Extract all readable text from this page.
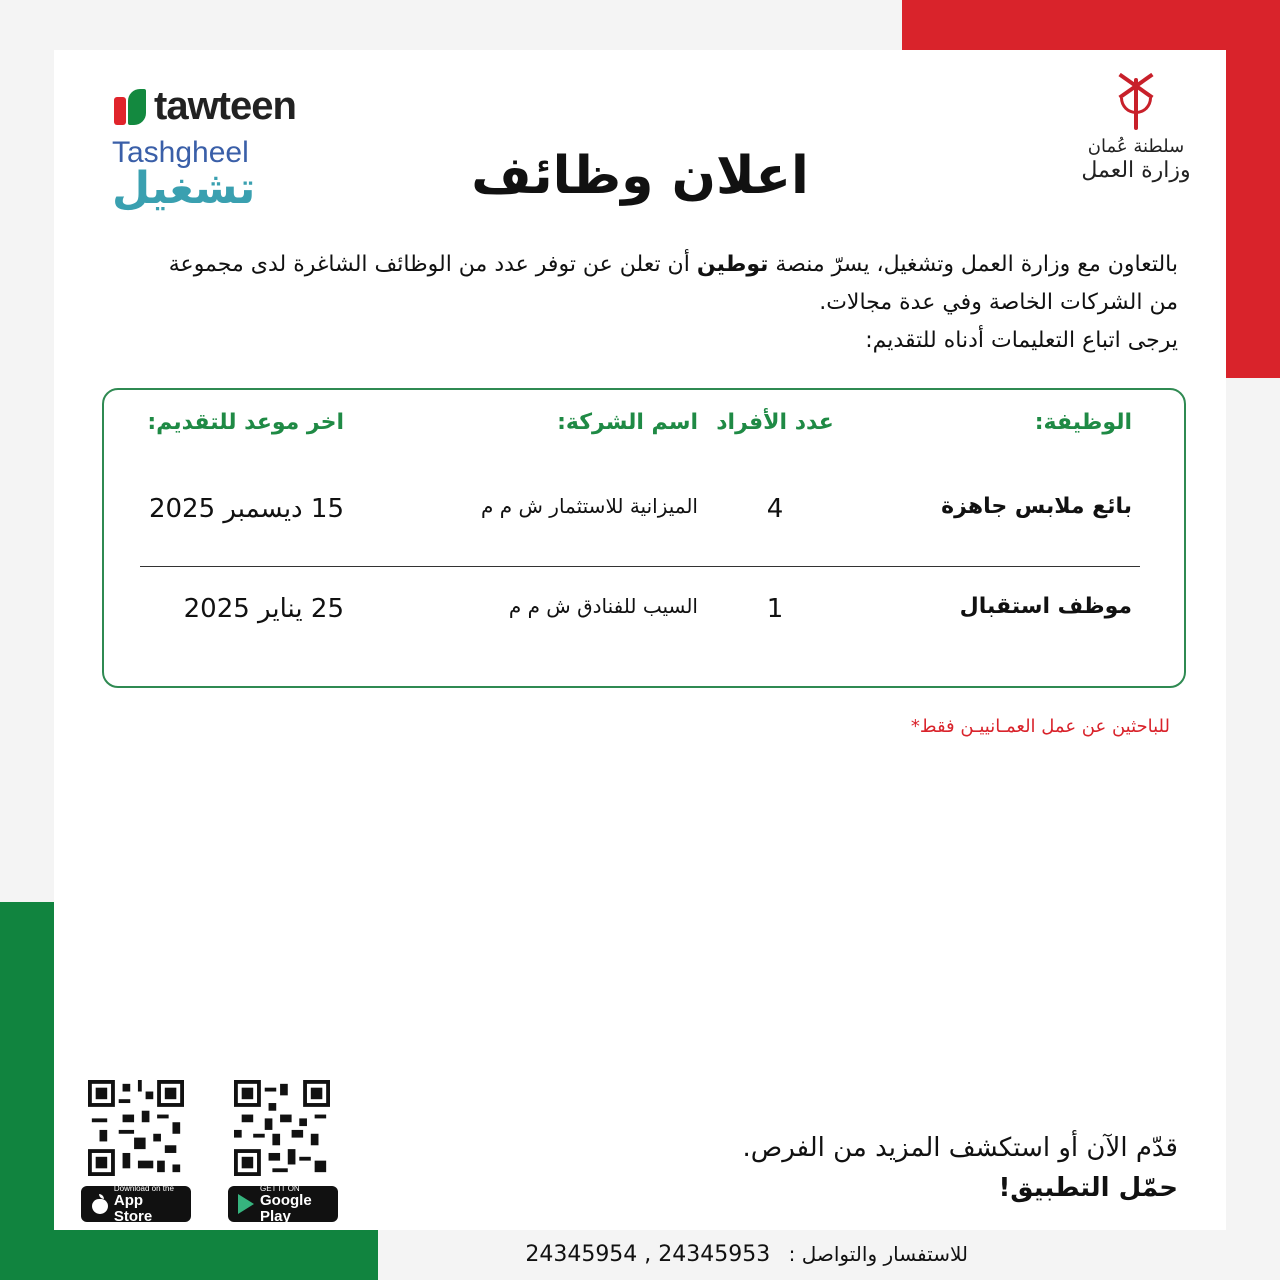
tawteen
Tashgheel
تشغيل
سلطنة عُمان
وزارة العمل
اعلان وظائف

بالتعاون مع وزارة العمل وتشغيل، يسرّ منصة توطين أن تعلن عن توفر عدد من الوظائف الشاغرة لدى مجموعة من الشركات الخاصة وفي عدة مجالات.

يرجى اتباع التعليمات أدناه للتقديم:

الوظيفة:
عدد الأفراد
اسم الشركة:
اخر موعد للتقديم:
بائع ملابس جاهزة
4
الميزانية للاستثمار ش م م
15 ديسمبر 2025
موظف استقبال
1
السيب للفنادق ش م م
25 يناير 2025
للباحثين عن عمل العمـانييـن فقط*

قدّم الآن أو استكشف المزيد من الفرص.

حمّل التطبيق!

Download on the
App Store
GET IT ON
Google Play
للاستفسار والتواصل : 24345953 , 24345954
